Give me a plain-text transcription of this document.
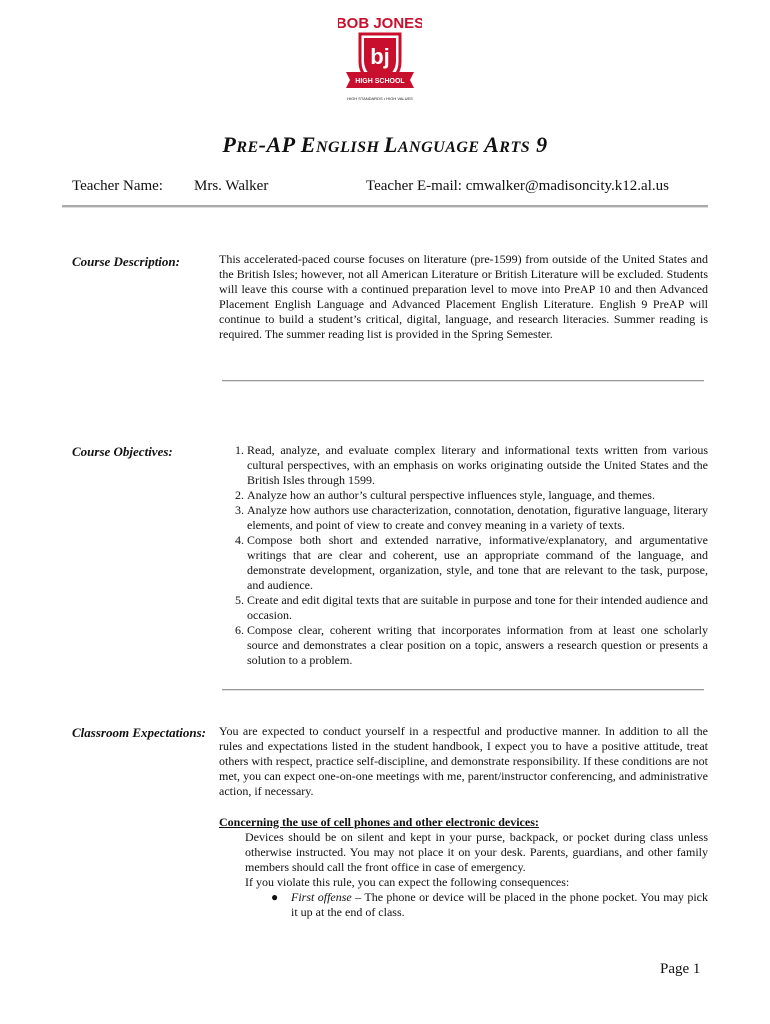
BOB JONES
bj
HIGH SCHOOL
HIGH STANDARDS • HIGH VALUES
PRE-AP ENGLISH LANGUAGE ARTS 9
Teacher Name: Mrs. Walker	Teacher E-mail: cmwalker@madisoncity.k12.al.us
Course Description:	This accelerated-paced course focuses on literature (pre-1599) from outside of the United States and the British Isles; however, not all American Literature or British Literature will be excluded. Students will leave this course with a continued preparation level to move into PreAP 10 and then Advanced Placement English Language and Advanced Placement English Literature. English 9 PreAP will continue to build a student’s critical, digital, language, and research literacies. Summer reading is required. The summer reading list is provided in the Spring Semester.
Course Objectives:
1.	Read, analyze, and evaluate complex literary and informational texts written from various cultural perspectives, with an emphasis on works originating outside the United States and the British Isles through 1599.
2. Analyze how an author’s cultural perspective influences style, language, and themes.
3. Analyze how authors use characterization, connotation, denotation, figurative language, literary elements, and point of view to create and convey meaning in a variety of texts.
4. Compose both short and extended narrative, informative/explanatory, and argumentative writings that are clear and coherent, use an appropriate command of the language, and demonstrate development, organization, style, and tone that are relevant to the task, purpose, and audience.
5. Create and edit digital texts that are suitable in purpose and tone for their intended audience and occasion.
6. Compose clear, coherent writing that incorporates information from at least one scholarly source and demonstrates a clear position on a topic, answers a research question or presents a solution to a problem.
Classroom Expectations: You are expected to conduct yourself in a respectful and productive manner. In addition to all the rules and expectations listed in the student handbook, I expect you to have a positive attitude, treat others with respect, practice self-discipline, and demonstrate responsibility. If these conditions are not met, you can expect one-on-one meetings with me, parent/instructor conferencing, and administrative action, if necessary.
Concerning the use of cell phones and other electronic devices:
Devices should be on silent and kept in your purse, backpack, or pocket during class unless otherwise instructed. You may not place it on your desk. Parents, guardians, and other family members should call the front office in case of emergency.
If you violate this rule, you can expect the following consequences:
● First offense – The phone or device will be placed in the phone pocket. You may pick it up at the end of class.
Page 1
